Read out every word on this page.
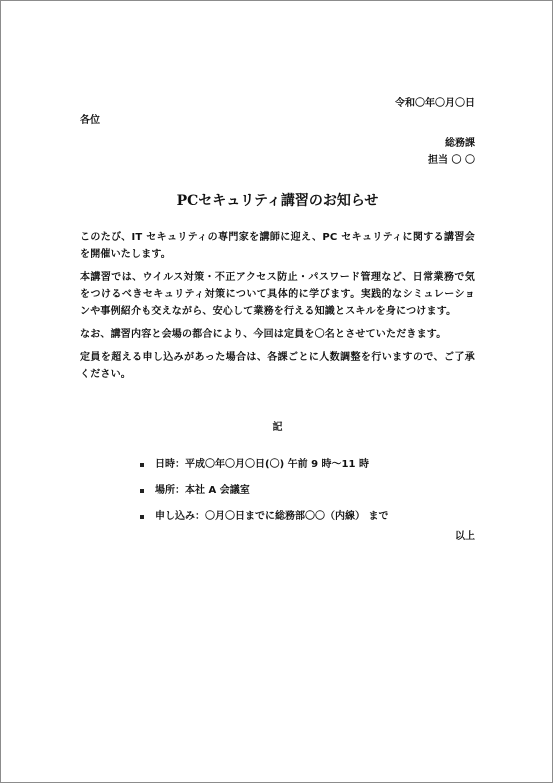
令和〇年〇月〇日
各位
総務課
担当 〇 〇
PCセキュリティ講習のお知らせ

このたび、IT セキュリティの専門家を講師に迎え、PC セキュリティに関する講習会を開催いたします。

本講習では、ウイルス対策・不正アクセス防止・パスワード管理など、日常業務で気をつけるべきセキュリティ対策について具体的に学びます。実践的なシミュレーションや事例紹介も交えながら、安心して業務を行える知識とスキルを身につけます。

なお、講習内容と会場の都合により、今回は定員を〇名とさせていただきます。

定員を超える申し込みがあった場合は、各課ごとに人数調整を行いますので、ご了承ください。

記
日時：平成〇年〇月〇日(〇) 午前 9 時〜11 時
場所：本社 A 会議室
申し込み：〇月〇日までに総務部〇〇（内線） まで
以上
